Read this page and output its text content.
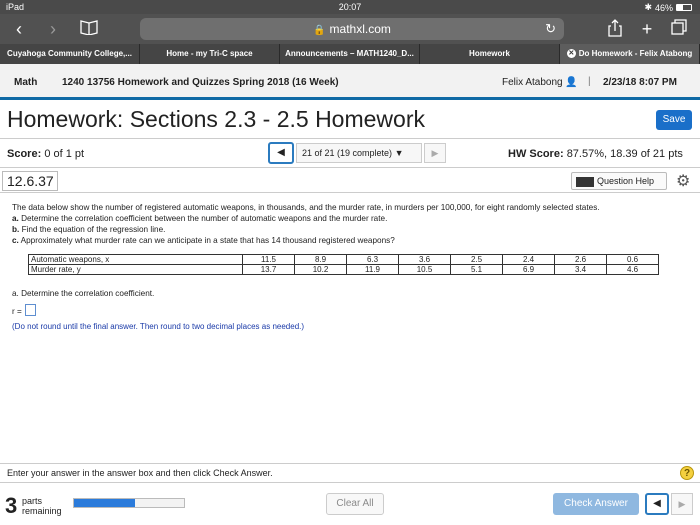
iPad	20:07	✱ 46%
‹	›	🔒 mathxl.com	↻	+
Cuyahoga Community College,...	Home - my Tri-C space	Announcements – MATH1240_D...	Homework	✕ Do Homework - Felix Atabong
Math 1240 13756 Homework and Quizzes Spring 2018 (16 Week)	Felix Atabong 👤 | 2/23/18 8:07 PM
Homework: Sections 2.3 - 2.5 Homework	Save
Score: 0 of 1 pt	◀	21 of 21 (19 complete) ▼	▶	HW Score: 87.57%, 18.39 of 21 pts
12.6.37	Question Help	⚙
The data below show the number of registered automatic weapons, in thousands, and the murder rate, in murders per 100,000, for eight randomly selected states.
a. Determine the correlation coefficient between the number of automatic weapons and the murder rate.
b. Find the equation of the regression line.
c. Approximately what murder rate can we anticipate in a state that has 14 thousand registered weapons?
Automatic weapons, x	11.5	8.9	6.3	3.6	2.5	2.4	2.6	0.6
Murder rate, y	13.7	10.2	11.9	10.5	5.1	6.9	3.4	4.6
a. Determine the correlation coefficient.
r =
(Do not round until the final answer. Then round to two decimal places as needed.)
Enter your answer in the answer box and then click Check Answer.	?
3 parts
remaining
Clear All	Check Answer	◀	▶
